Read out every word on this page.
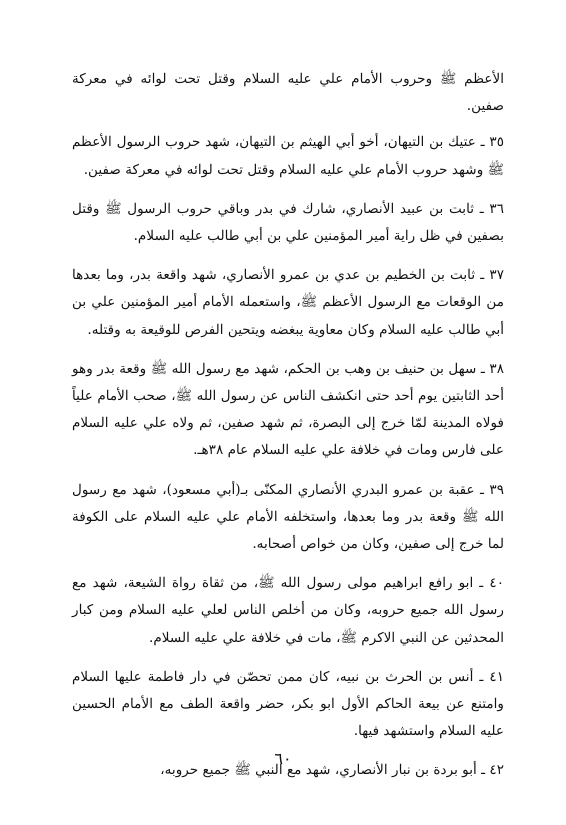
الأعظم ﷺ وحروب الأمام علي عليه السلام وقتل تحت لوائه في معركة صفين.

٣٥ ـ عتيك بن التيهان، أخو أبي الهيثم بن التيهان، شهد حروب الرسول الأعظم ﷺ وشهد حروب الأمام علي عليه السلام وقتل تحت لوائه في معركة صفين.

٣٦ ـ ثابت بن عبيد الأنصاري، شارك في بدر وباقي حروب الرسول ﷺ وقتل بصفين في ظل راية أمير المؤمنين علي بن أبي طالب عليه السلام.

٣٧ ـ ثابت بن الخطيم بن عدي بن عمرو الأنصاري، شهد واقعة بدر، وما بعدها من الوقعات مع الرسول الأعظم ﷺ، واستعمله الأمام أمير المؤمنين علي بن أبي طالب عليه السلام وكان معاوية يبغضه ويتحين الفرص للوقيعة به وقتله.

٣٨ ـ سهل بن حنيف بن وهب بن الحكم، شهد مع رسول الله ﷺ وقعة بدر وهو أحد الثابتين يوم أحد حتى انكشف الناس عن رسول الله ﷺ، صحب الأمام علياً فولاه المدينة لمّا خرج إلى البصرة، ثم شهد صفين، ثم ولاه علي عليه السلام على فارس ومات في خلافة علي عليه السلام عام ٣٨هـ.

٣٩ ـ عقبة بن عمرو البدري الأنصاري المكنّى بـ(أبي مسعود)، شهد مع رسول الله ﷺ وقعة بدر وما بعدها، واستخلفه الأمام علي عليه السلام على الكوفة لما خرج إلى صفين، وكان من خواص أصحابه.

٤٠ ـ ابو رافع ابراهيم مولى رسول الله ﷺ، من ثقاة رواة الشيعة، شهد مع رسول الله جميع حروبه، وكان من أخلص الناس لعلي عليه السلام ومن كبار المحدثين عن النبي الاكرم ﷺ، مات في خلافة علي عليه السلام.

٤١ ـ أنس بن الحرث بن نبيه، كان ممن تحصّن في دار فاطمة عليها السلام وامتنع عن بيعة الحاكم الأول ابو بكر، حضر واقعة الطف مع الأمام الحسين عليه السلام واستشهد فيها.

٤٢ ـ أبو بردة بن نبار الأنصاري، شهد مع النبي ﷺ جميع حروبه،

٦٠
